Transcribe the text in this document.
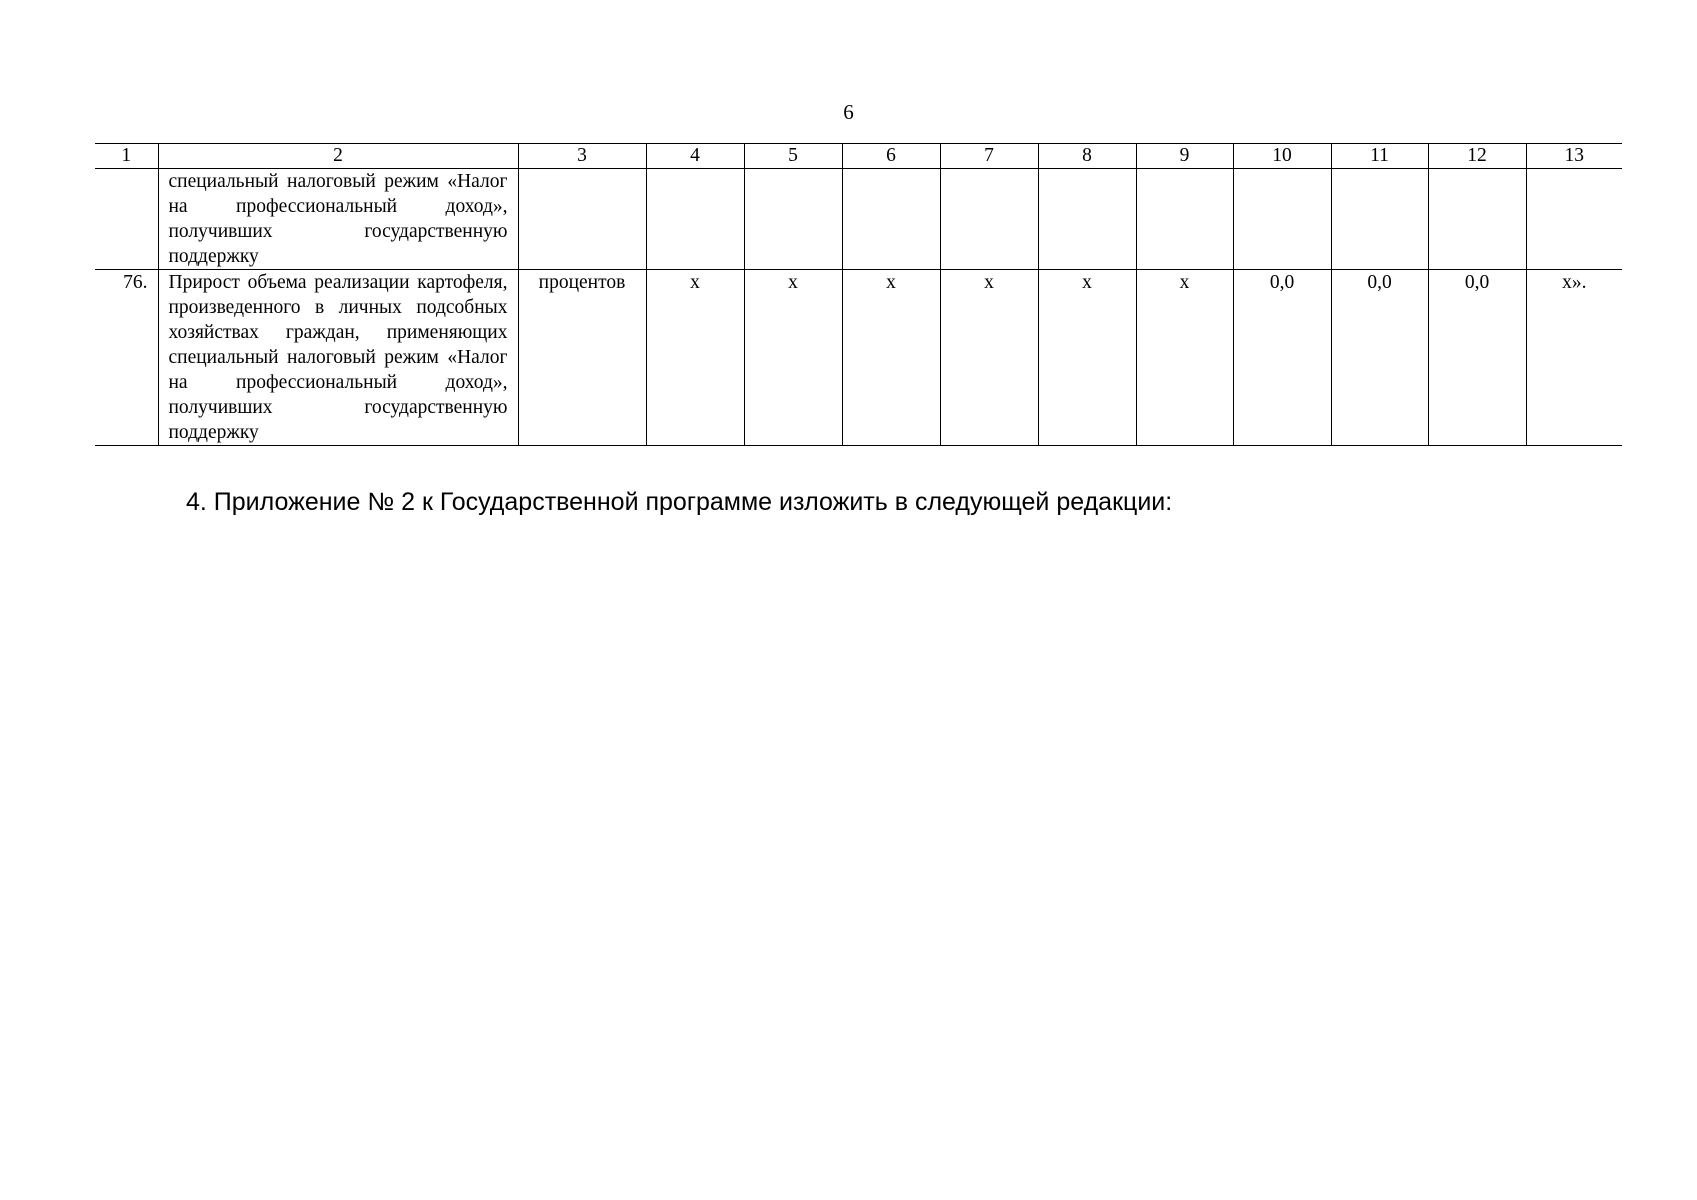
6
1	2	3	4	5	6	7	8	9	10	11	12	13
	специальный налоговый режим «Налог на профессиональный доход», получивших государственную поддержку											
76.	Прирост объема реализации картофеля, произведенного в личных подсобных хозяйствах граждан, применяющих специальный налоговый режим «Налог на профессиональный доход», получивших государственную поддержку	процентов	х	х	х	х	х	х	0,0	0,0	0,0	х».
4. Приложение № 2 к Государственной программе изложить в следующей редакции:
